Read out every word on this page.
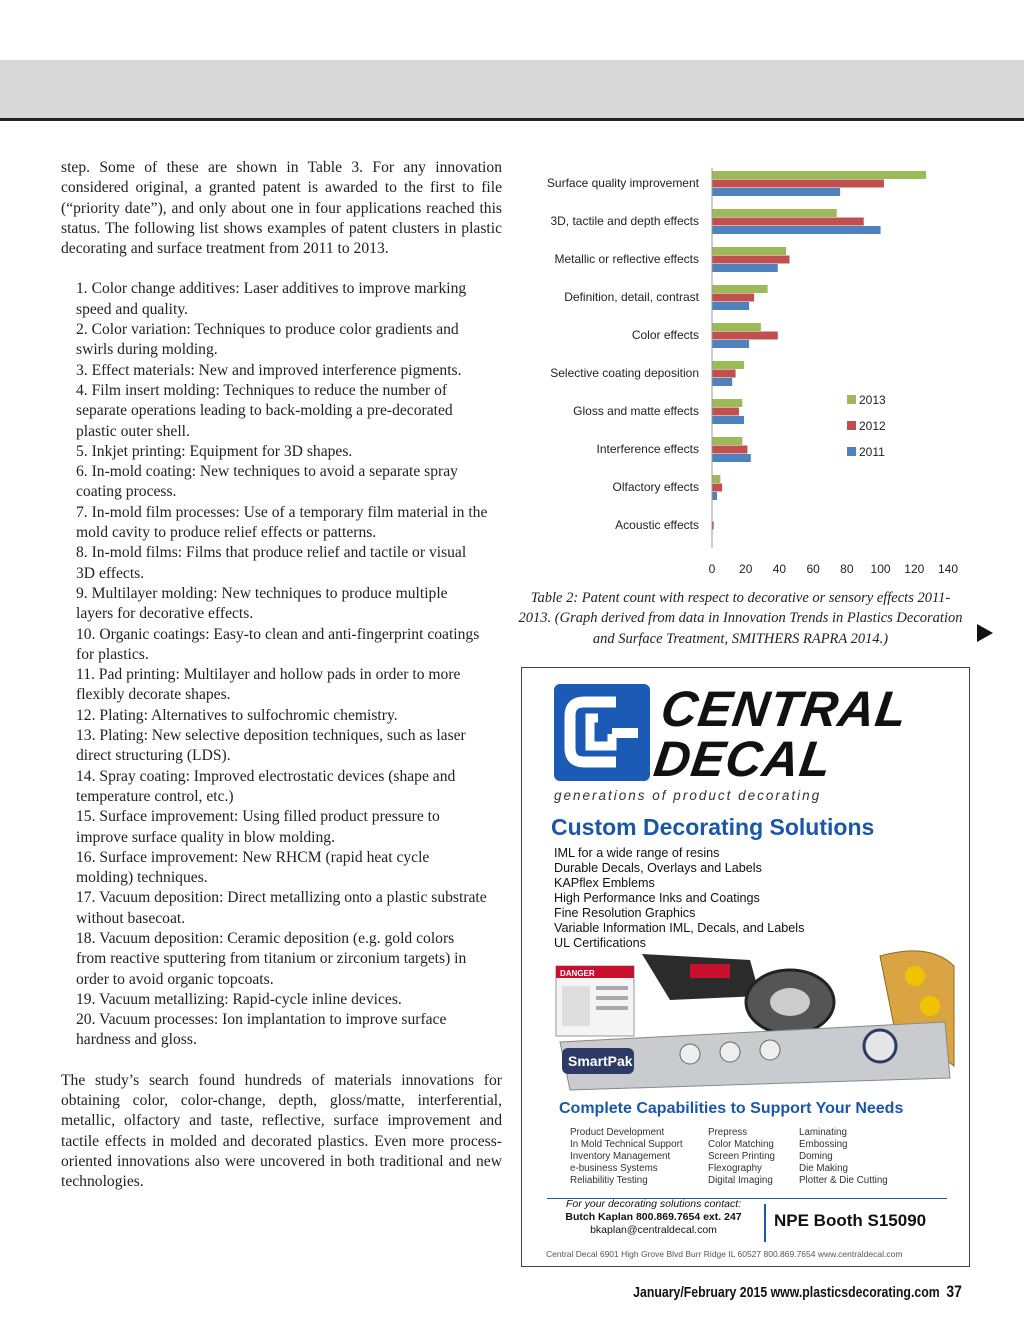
step. Some of these are shown in Table 3. For any innovation considered original, a granted patent is awarded to the first to file (“priority date”), and only about one in four applications reached this status. The following list shows examples of patent clusters in plastic decorating and surface treatment from 2011 to 2013.

1. Color change additives: Laser additives to improve marking speed and quality.
2. Color variation: Techniques to produce color gradients and swirls during molding.
3. Effect materials: New and improved interference pigments.
4. Film insert molding: Techniques to reduce the number of separate operations leading to back-molding a pre-decorated plastic outer shell.
5. Inkjet printing: Equipment for 3D shapes.
6. In-mold coating: New techniques to avoid a separate spray coating process.
7. In-mold film processes: Use of a temporary film material in the mold cavity to produce relief effects or patterns.
8. In-mold films: Films that produce relief and tactile or visual 3D effects.
9. Multilayer molding: New techniques to produce multiple layers for decorative effects.
10. Organic coatings: Easy-to clean and anti-fingerprint coatings for plastics.
11. Pad printing: Multilayer and hollow pads in order to more flexibly decorate shapes.
12. Plating: Alternatives to sulfochromic chemistry.
13. Plating: New selective deposition techniques, such as laser direct structuring (LDS).
14. Spray coating: Improved electrostatic devices (shape and temperature control, etc.)
15. Surface improvement: Using filled product pressure to improve surface quality in blow molding.
16. Surface improvement: New RHCM (rapid heat cycle molding) techniques.
17. Vacuum deposition: Direct metallizing onto a plastic substrate without basecoat.
18. Vacuum deposition: Ceramic deposition (e.g. gold colors from reactive sputtering from titanium or zirconium targets) in order to avoid organic topcoats.
19. Vacuum metallizing: Rapid-cycle inline devices.
20. Vacuum processes: Ion implantation to improve surface hardness and gloss.

The study’s search found hundreds of materials innovations for obtaining color, color-change, depth, gloss/matte, interferential, metallic, olfactory and taste, reflective, surface improvement and tactile effects in molded and decorated plastics. Even more process-oriented innovations also were uncovered in both traditional and new technologies.

Surface quality improvement
3D, tactile and depth effects
Metallic or reflective effects
Definition, detail, contrast
Color effects
Selective coating deposition
Gloss and matte effects
Interference effects
Olfactory effects
Acoustic effects
0 20 40 60 80 100 120 140
2013
2012
2011
Table 2: Patent count with respect to decorative or sensory effects 2011-2013. (Graph derived from data in Innovation Trends in Plastics Decoration and Surface Treatment, SMITHERS RAPRA 2014.)
CENTRAL
DECAL
generations of product decorating
Custom Decorating Solutions
IML for a wide range of resins
Durable Decals, Overlays and Labels
KAPflex Emblems
High Performance Inks and Coatings
Fine Resolution Graphics
Variable Information IML, Decals, and Labels
UL Certifications
DANGER
SmartPak
Complete Capabilities to Support Your Needs
Product Development
In Mold Technical Support
Inventory Management
e-business Systems
Reliabilitiy Testing
Prepress
Color Matching
Screen Printing
Flexography
Digital Imaging
Laminating
Embossing
Doming
Die Making
Plotter & Die Cutting
For your decorating solutions contact:
Butch Kaplan 800.869.7654 ext. 247
bkaplan@centraldecal.com	NPE Booth S15090
Central Decal 6901 High Grove Blvd Burr Ridge IL 60527 800.869.7654 www.centraldecal.com
January/February 2015 www.plasticsdecorating.com 37
